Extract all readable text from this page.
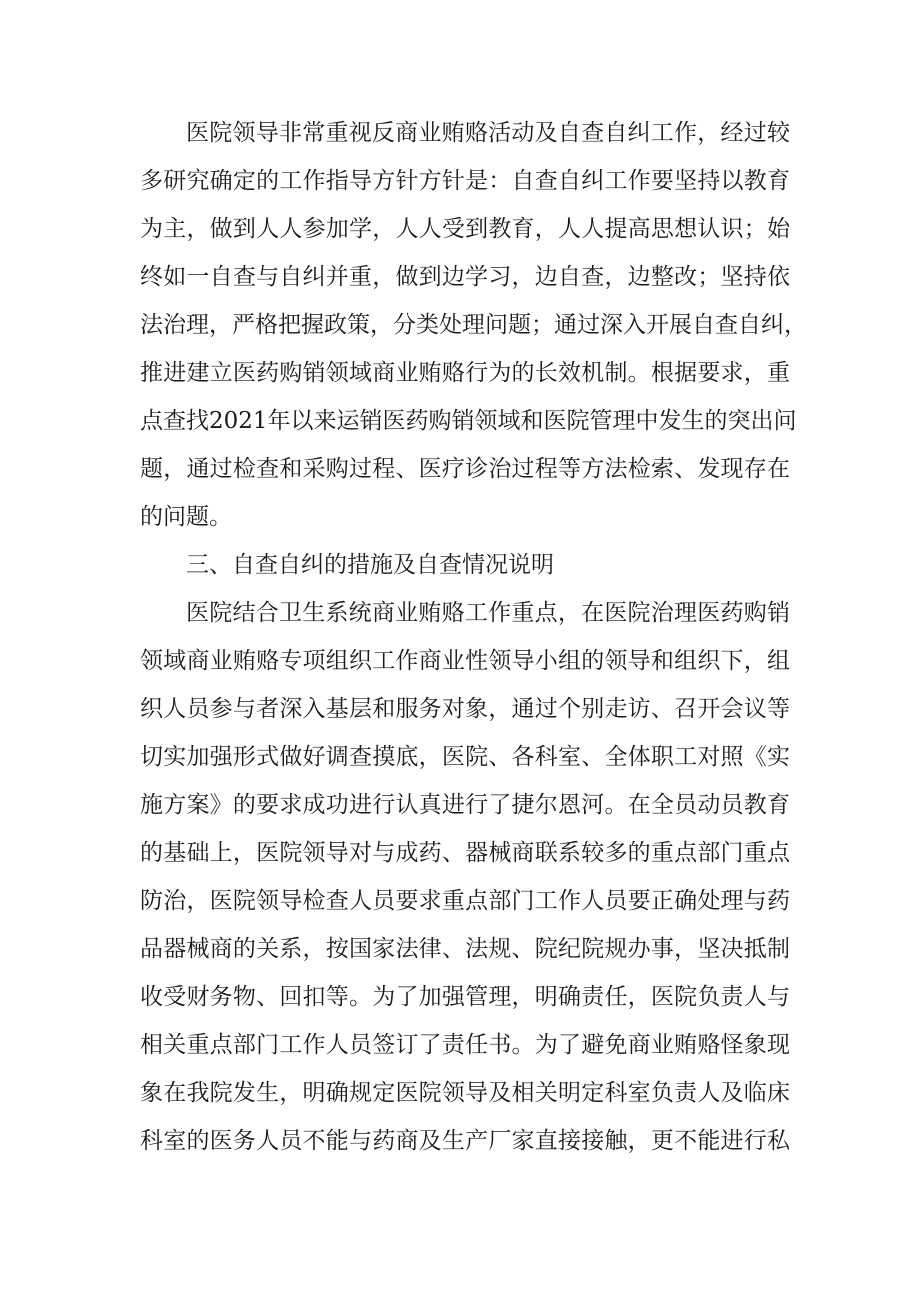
医院领导非常重视反商业贿赂活动及自查自纠工作，经过较
多研究确定的工作指导方针方针是：自查自纠工作要坚持以教育
为主，做到人人参加学，人人受到教育，人人提高思想认识；始
终如一自查与自纠并重，做到边学习，边自查，边整改；坚持依
法治理，严格把握政策，分类处理问题；通过深入开展自查自纠，
推进建立医药购销领域商业贿赂行为的长效机制。根据要求，重
点查找2021年以来运销医药购销领域和医院管理中发生的突出问
题，通过检查和采购过程、医疗诊治过程等方法检索、发现存在
的问题。
三、自查自纠的措施及自查情况说明
医院结合卫生系统商业贿赂工作重点，在医院治理医药购销
领域商业贿赂专项组织工作商业性领导小组的领导和组织下，组
织人员参与者深入基层和服务对象，通过个别走访、召开会议等
切实加强形式做好调查摸底，医院、各科室、全体职工对照《实
施方案》的要求成功进行认真进行了捷尔恩河。在全员动员教育
的基础上，医院领导对与成药、器械商联系较多的重点部门重点
防治，医院领导检查人员要求重点部门工作人员要正确处理与药
品器械商的关系，按国家法律、法规、院纪院规办事，坚决抵制
收受财务物、回扣等。为了加强管理，明确责任，医院负责人与
相关重点部门工作人员签订了责任书。为了避免商业贿赂怪象现
象在我院发生，明确规定医院领导及相关明定科室负责人及临床
科室的医务人员不能与药商及生产厂家直接接触，更不能进行私
